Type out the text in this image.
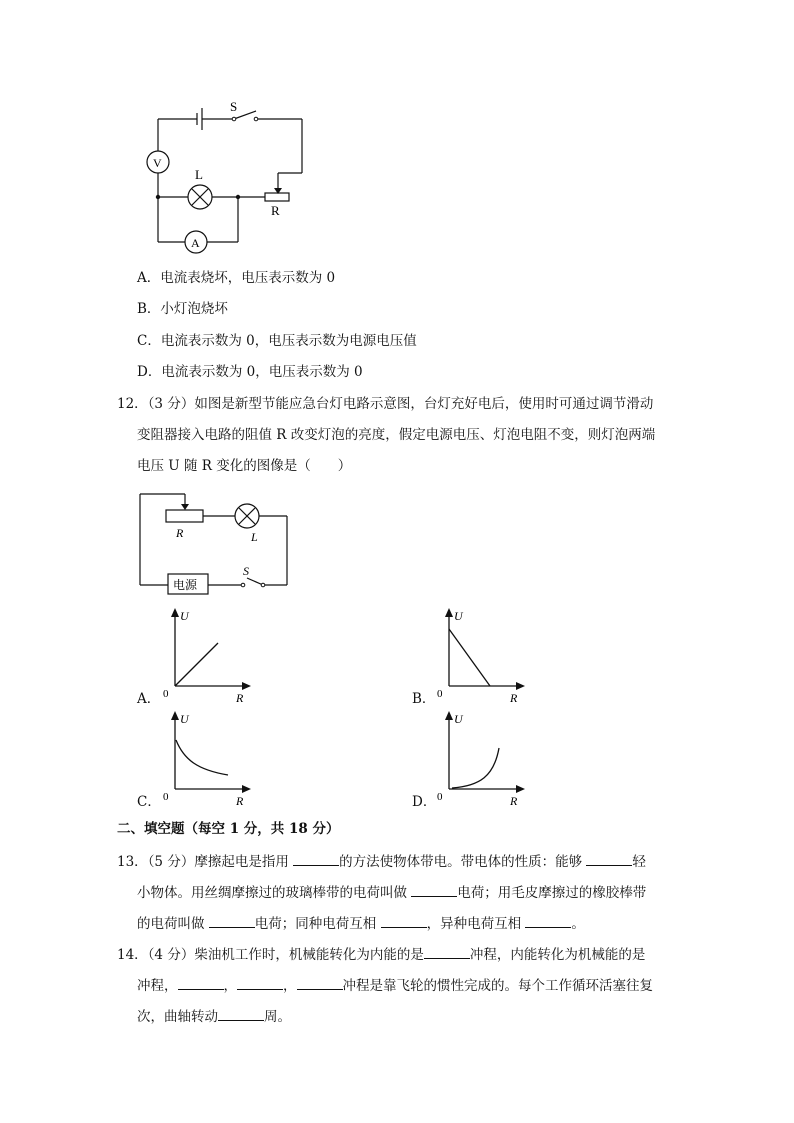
S
L
R
V
A
A．电流表烧坏，电压表示数为 0
B．小灯泡烧坏
C．电流表示数为 0，电压表示数为电源电压值
D．电流表示数为 0，电压表示数为 0
12．（3 分）如图是新型节能应急台灯电路示意图，台灯充好电后，使用时可通过调节滑动
变阻器接入电路的阻值 R 改变灯泡的亮度，假定电源电压、灯泡电阻不变，则灯泡两端
电压 U 随 R 变化的图像是（　　）
R	L
电源
S
A．
U
R
0	B．
U
R
0
C．
U
R
0	D．
U
R
0
二、填空题（每空 1 分，共 18 分）
13．（5 分）摩擦起电是指用	的方法使物体带电。带电体的性质：能够	轻
小物体。用丝绸摩擦过的玻璃棒带的电荷叫做	电荷；用毛皮摩擦过的橡胶棒带
的电荷叫做	电荷；同种电荷互相	，异种电荷互相	。
14．（4 分）柴油机工作时，机械能转化为内能的是	冲程，内能转化为机械能的是
冲程，	，	，	冲程是靠飞轮的惯性完成的。每个工作循环活塞往复
次，曲轴转动	周。
